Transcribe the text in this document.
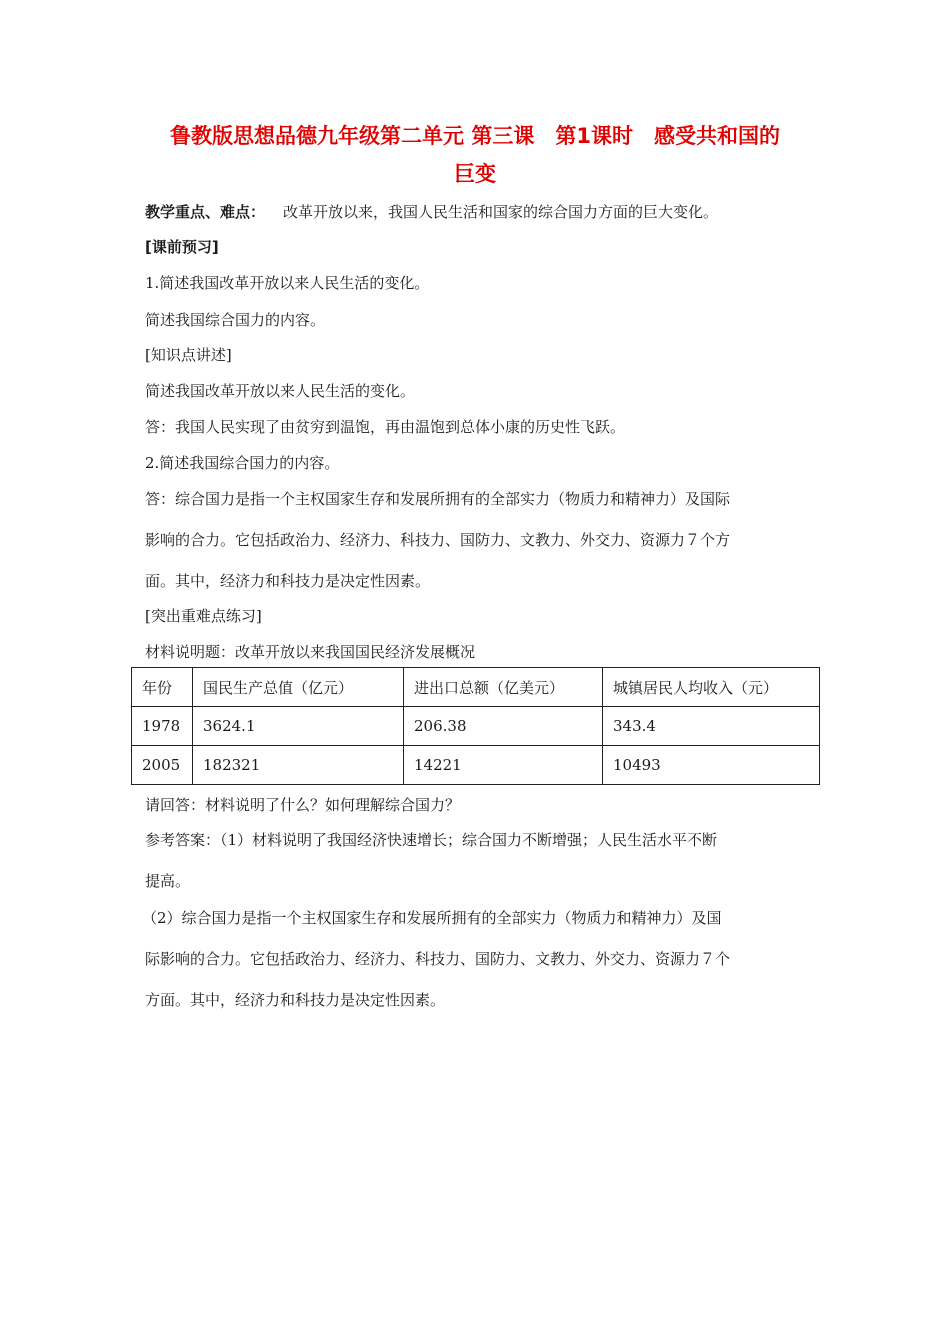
鲁教版思想品德九年级第二单元 第三课　第1课时　感受共和国的
巨变
教学重点、难点： 改革开放以来，我国人民生活和国家的综合国力方面的巨大变化。
[课前预习]
1.简述我国改革开放以来人民生活的变化。
简述我国综合国力的内容。
[知识点讲述]
简述我国改革开放以来人民生活的变化。
答：我国人民实现了由贫穷到温饱，再由温饱到总体小康的历史性飞跃。
2.简述我国综合国力的内容。
答：综合国力是指一个主权国家生存和发展所拥有的全部实力（物质力和精神力）及国际
影响的合力。它包括政治力、经济力、科技力、国防力、文教力、外交力、资源力７个方
面。其中，经济力和科技力是决定性因素。
[突出重难点练习]
材料说明题：改革开放以来我国国民经济发展概况
年份	国民生产总值（亿元）	进出口总额（亿美元）	城镇居民人均收入（元）
1978	3624.1	206.38	343.4
2005	182321	14221	10493
请回答：材料说明了什么？如何理解综合国力？
参考答案：（1）材料说明了我国经济快速增长；综合国力不断增强；人民生活水平不断
提高。
（2）综合国力是指一个主权国家生存和发展所拥有的全部实力（物质力和精神力）及国
际影响的合力。它包括政治力、经济力、科技力、国防力、文教力、外交力、资源力７个
方面。其中，经济力和科技力是决定性因素。
